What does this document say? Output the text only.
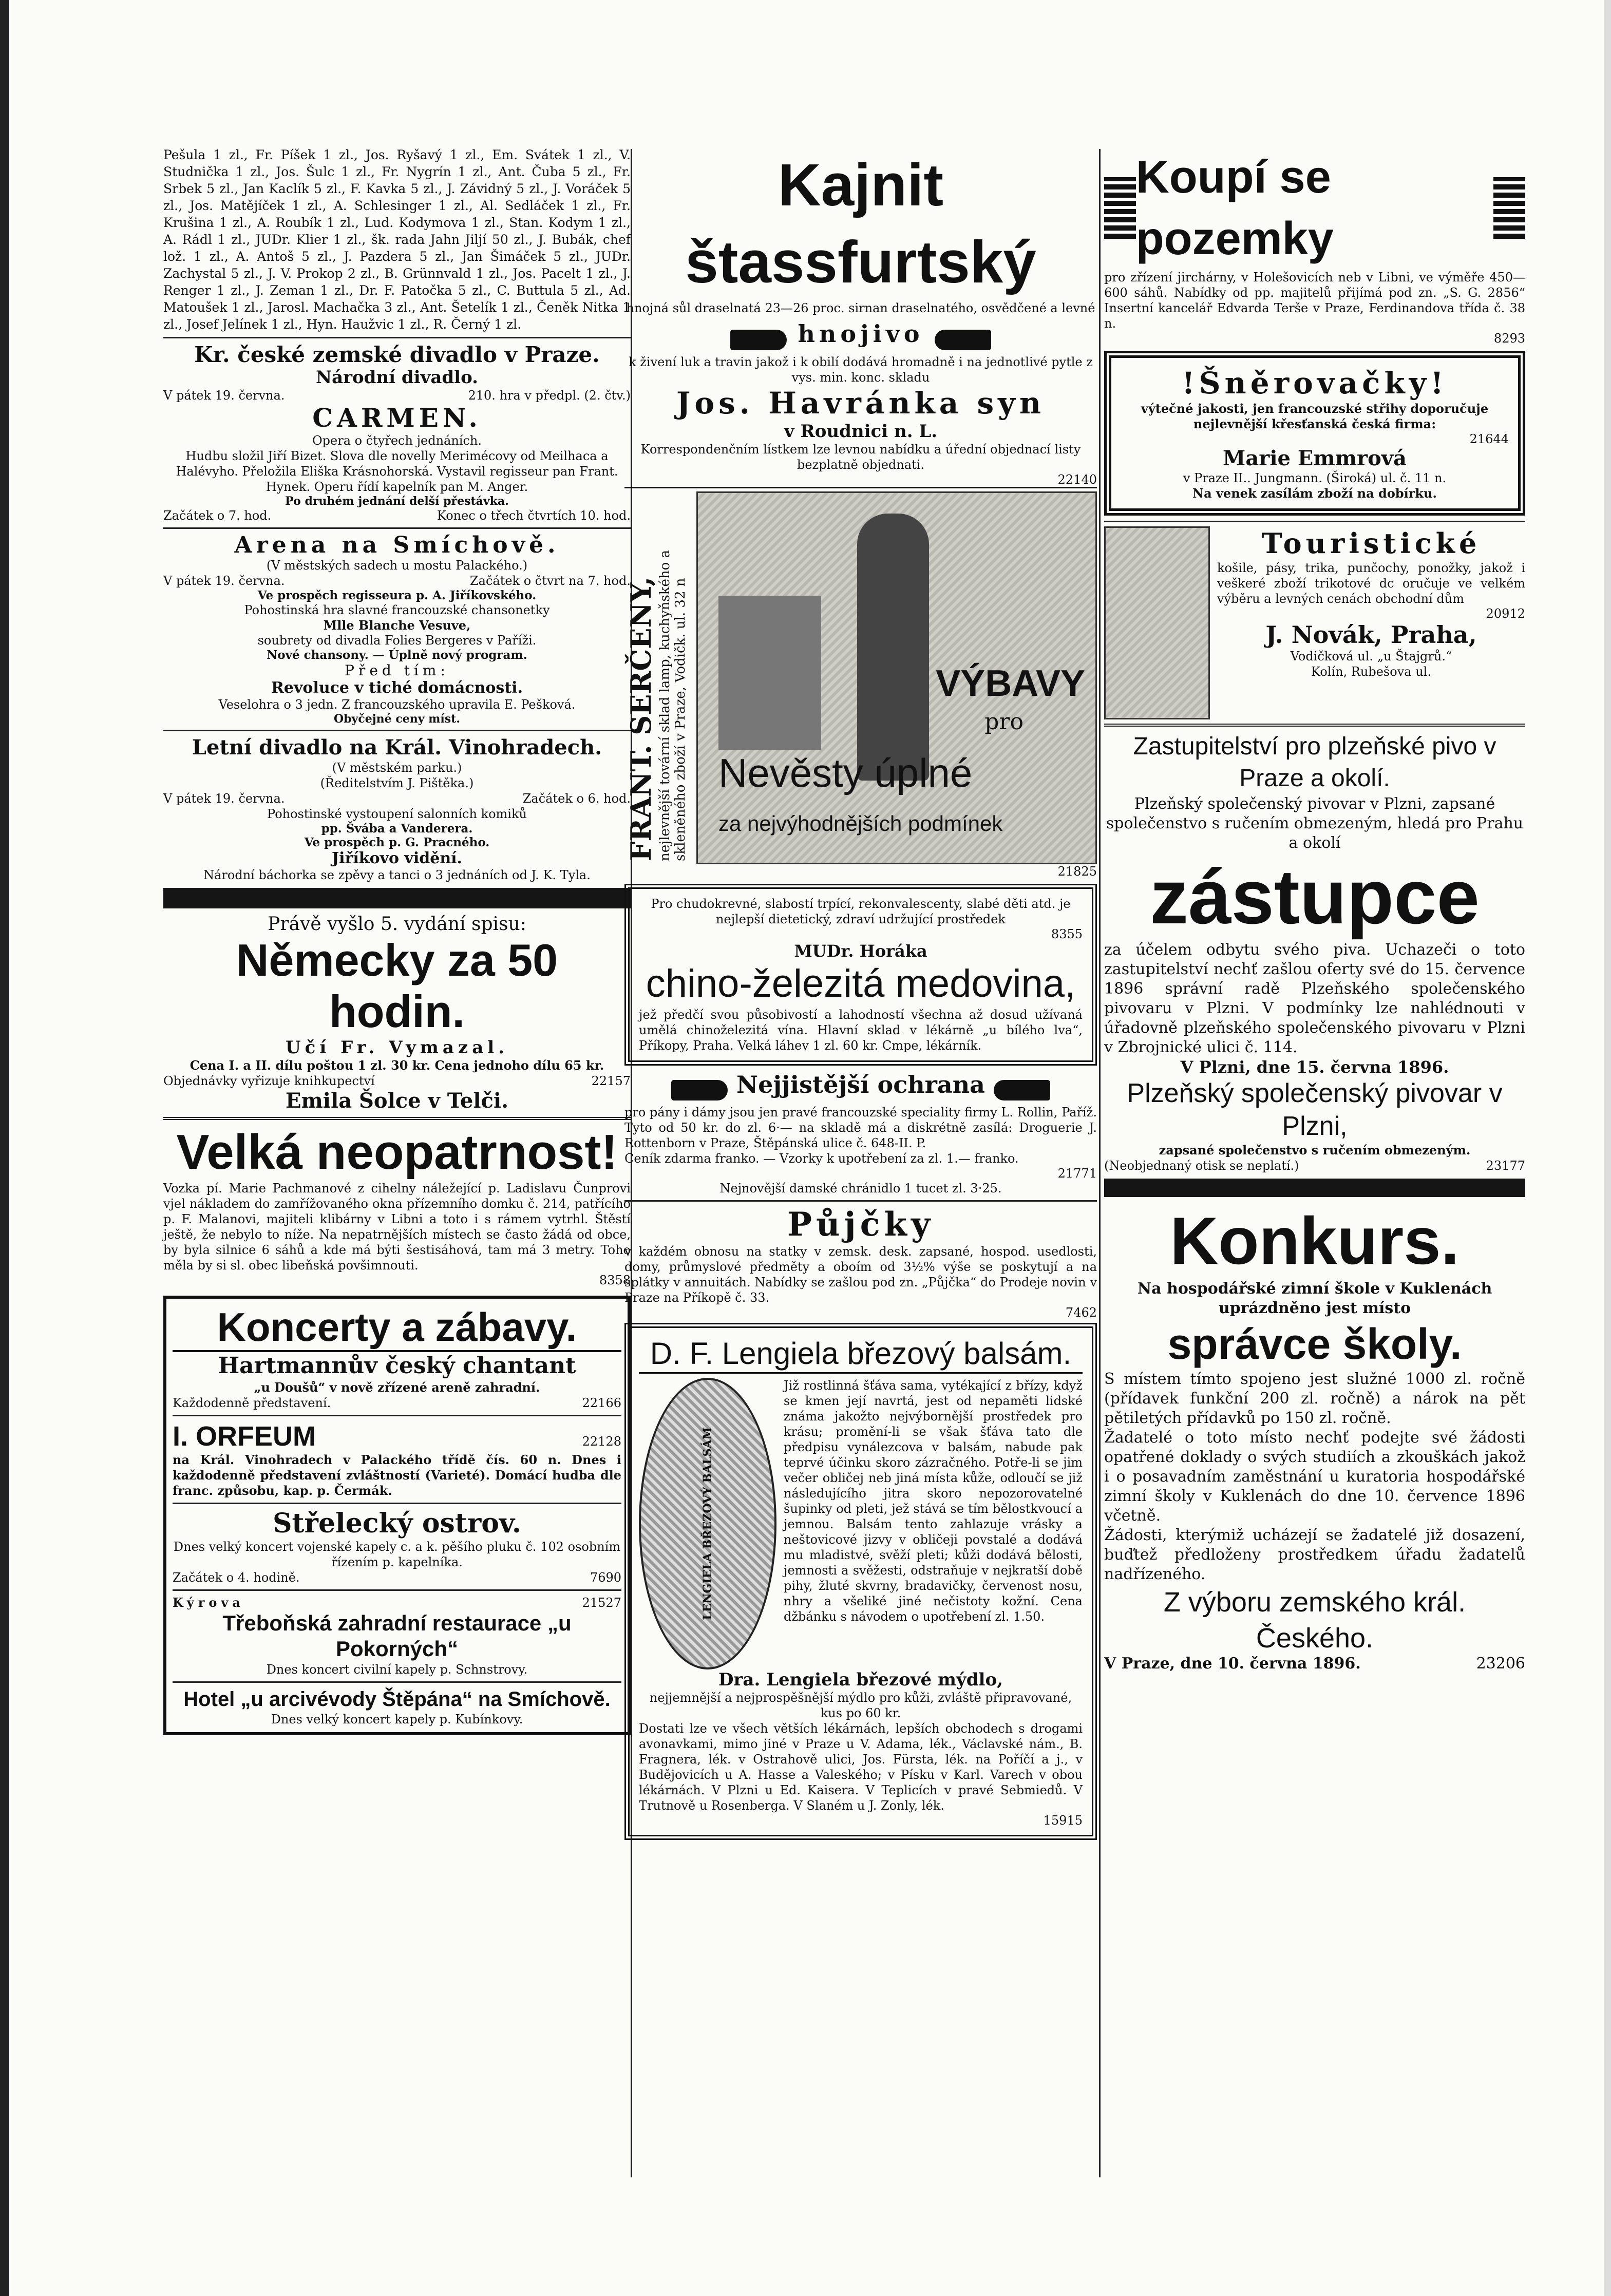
Pešula 1 zl., Fr. Píšek 1 zl., Jos. Ryšavý 1 zl., Em. Svátek 1 zl., V. Studnička 1 zl., Jos. Šulc 1 zl., Fr. Nygrín 1 zl., Ant. Čuba 5 zl., Fr. Srbek 5 zl., Jan Kaclík 5 zl., F. Kavka 5 zl., J. Závidný 5 zl., J. Voráček 5 zl., Jos. Matějíček 1 zl., A. Schlesinger 1 zl., Al. Sedláček 1 zl., Fr. Krušina 1 zl., A. Roubík 1 zl., Lud. Kodymova 1 zl., Stan. Kodym 1 zl., A. Rádl 1 zl., JUDr. Klier 1 zl., šk. rada Jahn Jiljí 50 zl., J. Bubák, chef lož. 1 zl., A. Antoš 5 zl., J. Pazdera 5 zl., Jan Šimáček 5 zl., JUDr. Zachystal 5 zl., J. V. Prokop 2 zl., B. Grünnvald 1 zl., Jos. Pacelt 1 zl., J. Renger 1 zl., J. Zeman 1 zl., Dr. F. Patočka 5 zl., C. Buttula 5 zl., Ad. Matoušek 1 zl., Jarosl. Machačka 3 zl., Ant. Šetelík 1 zl., Čeněk Nitka 1 zl., Josef Jelínek 1 zl., Hyn. Haužvic 1 zl., R. Černý 1 zl.

Kr. české zemské divadlo v Praze.

Národní divadlo.

V pátek 19. června.	210. hra v předpl. (2. čtv.)

CARMEN.

Opera o čtyřech jednáních.

Hudbu složil Jiří Bizet. Slova dle novelly Merimécovy od Meilhaca a Halévyho. Přeložila Eliška Krásnohorská. Vystavil regisseur pan Frant. Hynek. Operu řídí kapelník pan M. Anger.

Po druhém jednání delší přestávka.

Začátek o 7. hod.	Konec o třech čtvrtích 10. hod.

Arena na Smíchově.

(V městských sadech u mostu Palackého.)

V pátek 19. června.	Začátek o čtvrt na 7. hod.

Ve prospěch regisseura p. A. Jiříkovského.

Pohostinská hra slavné francouzské chansonetky

Mlle Blanche Vesuve,

soubrety od divadla Folies Bergeres v Paříži.

Nové chansony. — Úplně nový program.

Před tím:

Revoluce v tiché domácnosti.

Veselohra o 3 jedn. Z francouzského upravila E. Pešková.

Obyčejné ceny míst.

Letní divadlo na Král. Vinohradech.

(V městském parku.)

(Ředitelstvím J. Pištěka.)

V pátek 19. června.	Začátek o 6. hod.

Pohostinské vystoupení salonních komiků

pp. Švába a Vanderera.

Ve prospěch p. G. Pracného.

Jiříkovo vidění.

Národní báchorka se zpěvy a tanci o 3 jednáních od J. K. Tyla.

Právě vyšlo 5. vydání spisu:

Německy za 50 hodin.

Učí Fr. Vymazal.

Cena I. a II. dílu poštou 1 zl. 30 kr. Cena jednoho dílu 65 kr.

Objednávky vyřizuje knihkupectví	22157

Emila Šolce v Telči.

Velká neopatrnost!

Vozka pí. Marie Pachmanové z cihelny náležející p. Ladislavu Čunprovi vjel nákladem do zamřížovaného okna přízemního domku č. 214, patřícího p. F. Malanovi, majiteli klibárny v Libni a toto i s rámem vytrhl. Štěstí ještě, že nebylo to níže. Na nepatrnějších místech se často žádá od obce, by byla silnice 6 sáhů a kde má býti šestisáhová, tam má 3 metry. Toho měla by si sl. obec libeňská povšimnouti.

8358

Koncerty a zábavy.

Hartmannův český chantant

„u Doušů“ v nově zřízené areně zahradní.

Každodenně představení.	22166

I. ORFEUM	22128

na Král. Vinohradech v Palackého třídě čís. 60 n. Dnes i každodenně představení zvláštností (Varieté). Domácí hudba dle franc. způsobu, kap. p. Čermák.

Střelecký ostrov.

Dnes velký koncert vojenské kapely c. a k. pěšího pluku č. 102 osobním řízením p. kapelníka.

Začátek o 4. hodině.	7690
Kýrova	21527

Třeboňská zahradní restaurace „u Pokorných“

Dnes koncert civilní kapely p. Schnstrovy.

Hotel „u arcivévody Štěpána“ na Smíchově.

Dnes velký koncert kapely p. Kubínkovy.

Kajnit štassfurtský

hnojná sůl draselnatá 23—26 proc. sirnan draselnatého, osvědčené a levné

hnojivo

k živení luk a travin jakož i k obilí dodává hromadně i na jednotlivé pytle z vys. min. konc. skladu

Jos. Havránka syn

v Roudnici n. L.

Korrespondenčním lístkem lze levnou nabídku a úřední objednací listy bezplatně objednati.

22140

FRANT. SERČENY, nejlevnější tovární sklad lamp, kuchyňského a skleněného zboží v Praze, Vodičk. ul. 32 n	VÝBAVY

pro

Nevěsty úplné

za nejvýhodnějších podmínek

21825

Pro chudokrevné, slabostí trpící, rekonvalescenty, slabé děti atd. je nejlepší dietetický, zdraví udržující prostředek

8355

MUDr. Horáka

chino-železitá medovina,

jež předčí svou působivostí a lahodností všechna až dosud užívaná umělá chinoželezitá vína. Hlavní sklad v lékárně „u bílého lva“, Příkopy, Praha. Velká láhev 1 zl. 60 kr. Cmpe, lékárník.

Nejjistější ochrana

pro pány i dámy jsou jen pravé francouzské speciality firmy L. Rollin, Paříž. Tyto od 50 kr. do zl. 6·— na skladě má a diskrétně zasílá: Droguerie J. Rottenborn v Praze, Štěpánská ulice č. 648-II. P.

Ceník zdarma franko. — Vzorky k upotřebení za zl. 1.— franko.

21771

Nejnovější damské chránidlo 1 tucet zl. 3·25.

Půjčky

v každém obnosu na statky v zemsk. desk. zapsané, hospod. usedlosti, domy, průmyslové předměty a oboím od 3½% výše se poskytují a na splátky v annuitách. Nabídky se zašlou pod zn. „Půjčka“ do Prodeje novin v Praze na Příkopě č. 33.

7462

D. F. Lengiela březový balsám.

LENGIELA BŘEZOVÝ BALSÁM

Již rostlinná šťáva sama, vytékající z břízy, když se kmen její navrtá, jest od nepaměti lidské známa jakožto nejvýbornější prostředek pro krásu; promění-li se však šťáva tato dle předpisu vynálezcova v balsám, nabude pak teprvé účinku skoro zázračného. Potře-li se jim večer obličej neb jiná místa kůže, odloučí se již následujícího jitra skoro nepozorovatelné šupinky od pleti, jež stává se tím bělostkvoucí a jemnou. Balsám tento zahlazuje vrásky a neštovicové jizvy v obličeji povstalé a dodává mu mladistvé, svěží pleti; kůži dodává bělosti, jemnosti a svěžesti, odstraňuje v nejkratší době pihy, žluté skvrny, bradavičky, červenost nosu, nhry a všeliké jiné nečistoty kožní. Cena džbánku s návodem o upotřebení zl. 1.50.

Dra. Lengiela březové mýdlo,

nejjemnější a nejprospěšnější mýdlo pro kůži, zvláště připravované, kus po 60 kr.

Dostati lze ve všech větších lékárnách, lepších obchodech s drogami avonavkami, mimo jiné v Praze u V. Adama, lék., Václavské nám., B. Fragnera, lék. v Ostrahově ulici, Jos. Fürsta, lék. na Poříčí a j., v Budějovicích u A. Hasse a Valeského; v Písku v Karl. Varech v obou lékárnách. V Plzni u Ed. Kaisera. V Teplicích v pravé Sebmiedů. V Trutnově u Rosenberga. V Slaném u J. Zonly, lék.

15915

Koupí se pozemky

pro zřízení jirchárny, v Holešovicích neb v Libni, ve výměře 450—600 sáhů. Nabídky od pp. majitelů přijímá pod zn. „S. G. 2856“ Insertní kancelář Edvarda Terše v Praze, Ferdinandova třída č. 38 n.

8293

!Šněrovačky!

výtečné jakosti, jen francouzské střihy doporučuje nejlevnější křesťanská česká firma:

21644

Marie Emmrová

v Praze II.. Jungmann. (Široká) ul. č. 11 n.

Na venek zasílám zboží na dobírku.

Touristické

košile, pásy, trika, punčochy, ponožky, jakož i veškeré zboží trikotové dc oručuje ve velkém výběru a levných cenách obchodní dům

20912

J. Novák, Praha,

Vodičková ul. „u Štajgrů.“

Kolín, Rubešova ul.

Zastupitelství pro plzeňské pivo v Praze a okolí.

Plzeňský společenský pivovar v Plzni, zapsané společenstvo s ručením obmezeným, hledá pro Prahu a okolí

zástupce

za účelem odbytu svého piva. Uchazeči o toto zastupitelství nechť zašlou oferty své do 15. července 1896 správní radě Plzeňského společenského pivovaru v Plzni. V podmínky lze nahlédnouti v úřadovně plzeňského společenského pivovaru v Plzni v Zbrojnické ulici č. 114.

V Plzni, dne 15. června 1896.

Plzeňský společenský pivovar v Plzni,

zapsané společenstvo s ručením obmezeným.

(Neobjednaný otisk se neplatí.)	23177

Konkurs.

Na hospodářské zimní škole v Kuklenách uprázdněno jest místo

správce školy.

S místem tímto spojeno jest služné 1000 zl. ročně (přídavek funkční 200 zl. ročně) a nárok na pět pětiletých přídavků po 150 zl. ročně.

Žadatelé o toto místo nechť podejte své žádosti opatřené doklady o svých studiích a zkouškách jakož i o posavadním zaměstnání u kuratoria hospodářské zimní školy v Kuklenách do dne 10. července 1896 včetně.

Žádosti, kterýmiž ucházejí se žadatelé již dosazení, buďtež předloženy prostředkem úřadu žadatelů nadřízeného.

Z výboru zemského král. Českého.

V Praze, dne 10. června 1896.	23206
